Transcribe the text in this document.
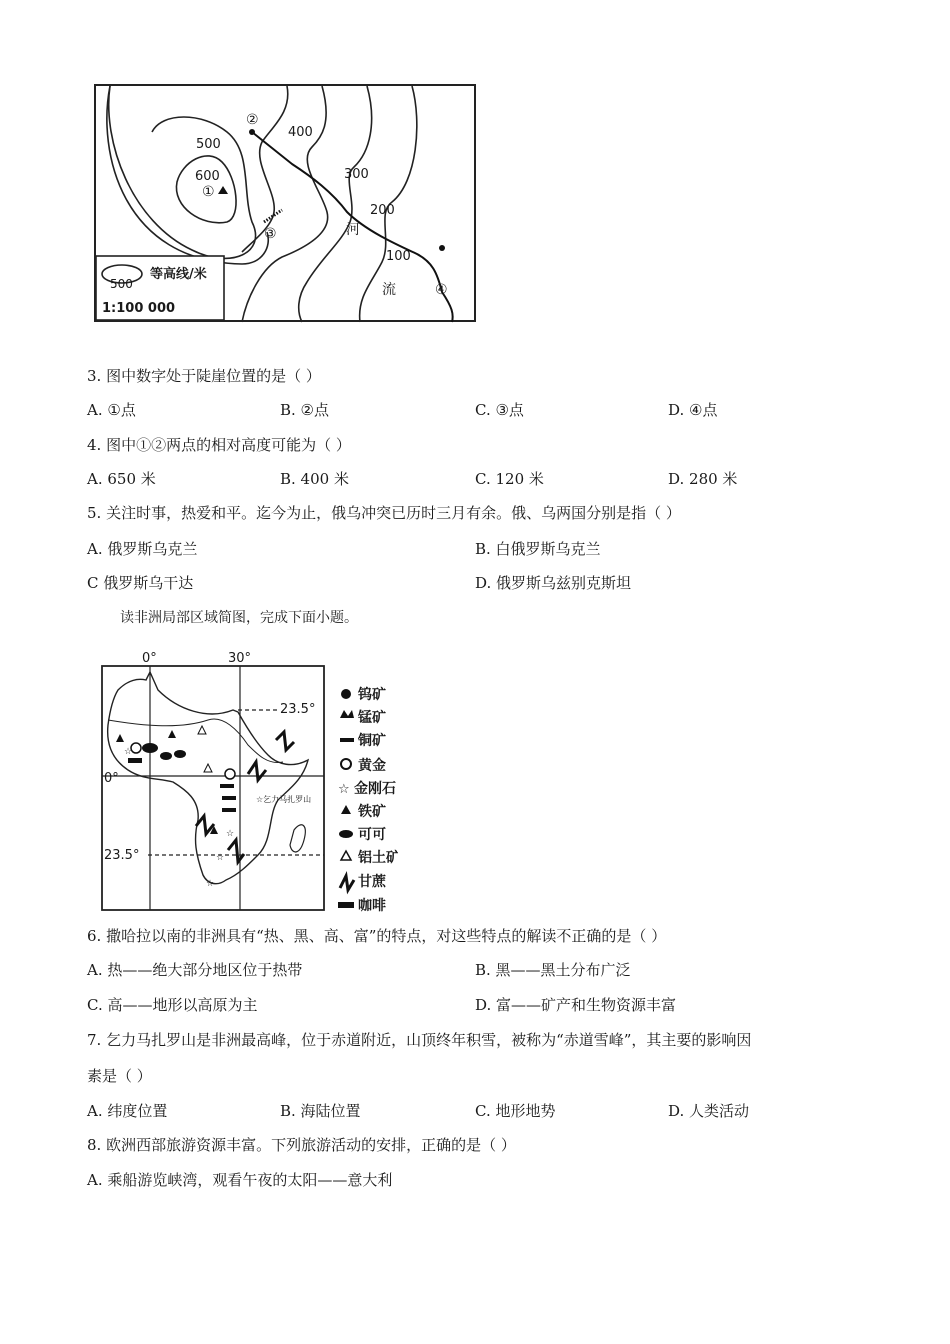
600
500
400
300
200
100
①
②
③
④
河
流
500
等高线/米
1:100 000
3. 图中数字处于陡崖位置的是（ ）
A. ①点	B. ②点	C. ③点	D. ④点
4. 图中①②两点的相对高度可能为（ ）
A. 650 米	B. 400 米	C. 120 米	D. 280 米
5. 关注时事，热爱和平。迄今为止，俄乌冲突已历时三月有余。俄、乌两国分别是指（ ）
A. 俄罗斯乌克兰	B. 白俄罗斯乌克兰
C 俄罗斯乌干达	D. 俄罗斯乌兹别克斯坦
读非洲局部区域简图，完成下面小题。
☆
☆
☆
☆
0°	30°
23.5°
0°
23.5°
☆乞力马扎罗山
钨矿
锰矿
铜矿
黄金
☆ 金刚石
铁矿
可可
铝土矿
甘蔗
咖啡
6. 撒哈拉以南的非洲具有“热、黑、高、富”的特点，对这些特点的解读不正确的是（ ）
A. 热——绝大部分地区位于热带	B. 黑——黑土分布广泛
C. 高——地形以高原为主	D. 富——矿产和生物资源丰富
7. 乞力马扎罗山是非洲最高峰，位于赤道附近，山顶终年积雪，被称为“赤道雪峰”，其主要的影响因
素是（ ）
A. 纬度位置	B. 海陆位置	C. 地形地势	D. 人类活动
8. 欧洲西部旅游资源丰富。下列旅游活动的安排，正确的是（ ）
A. 乘船游览峡湾，观看午夜的太阳——意大利
